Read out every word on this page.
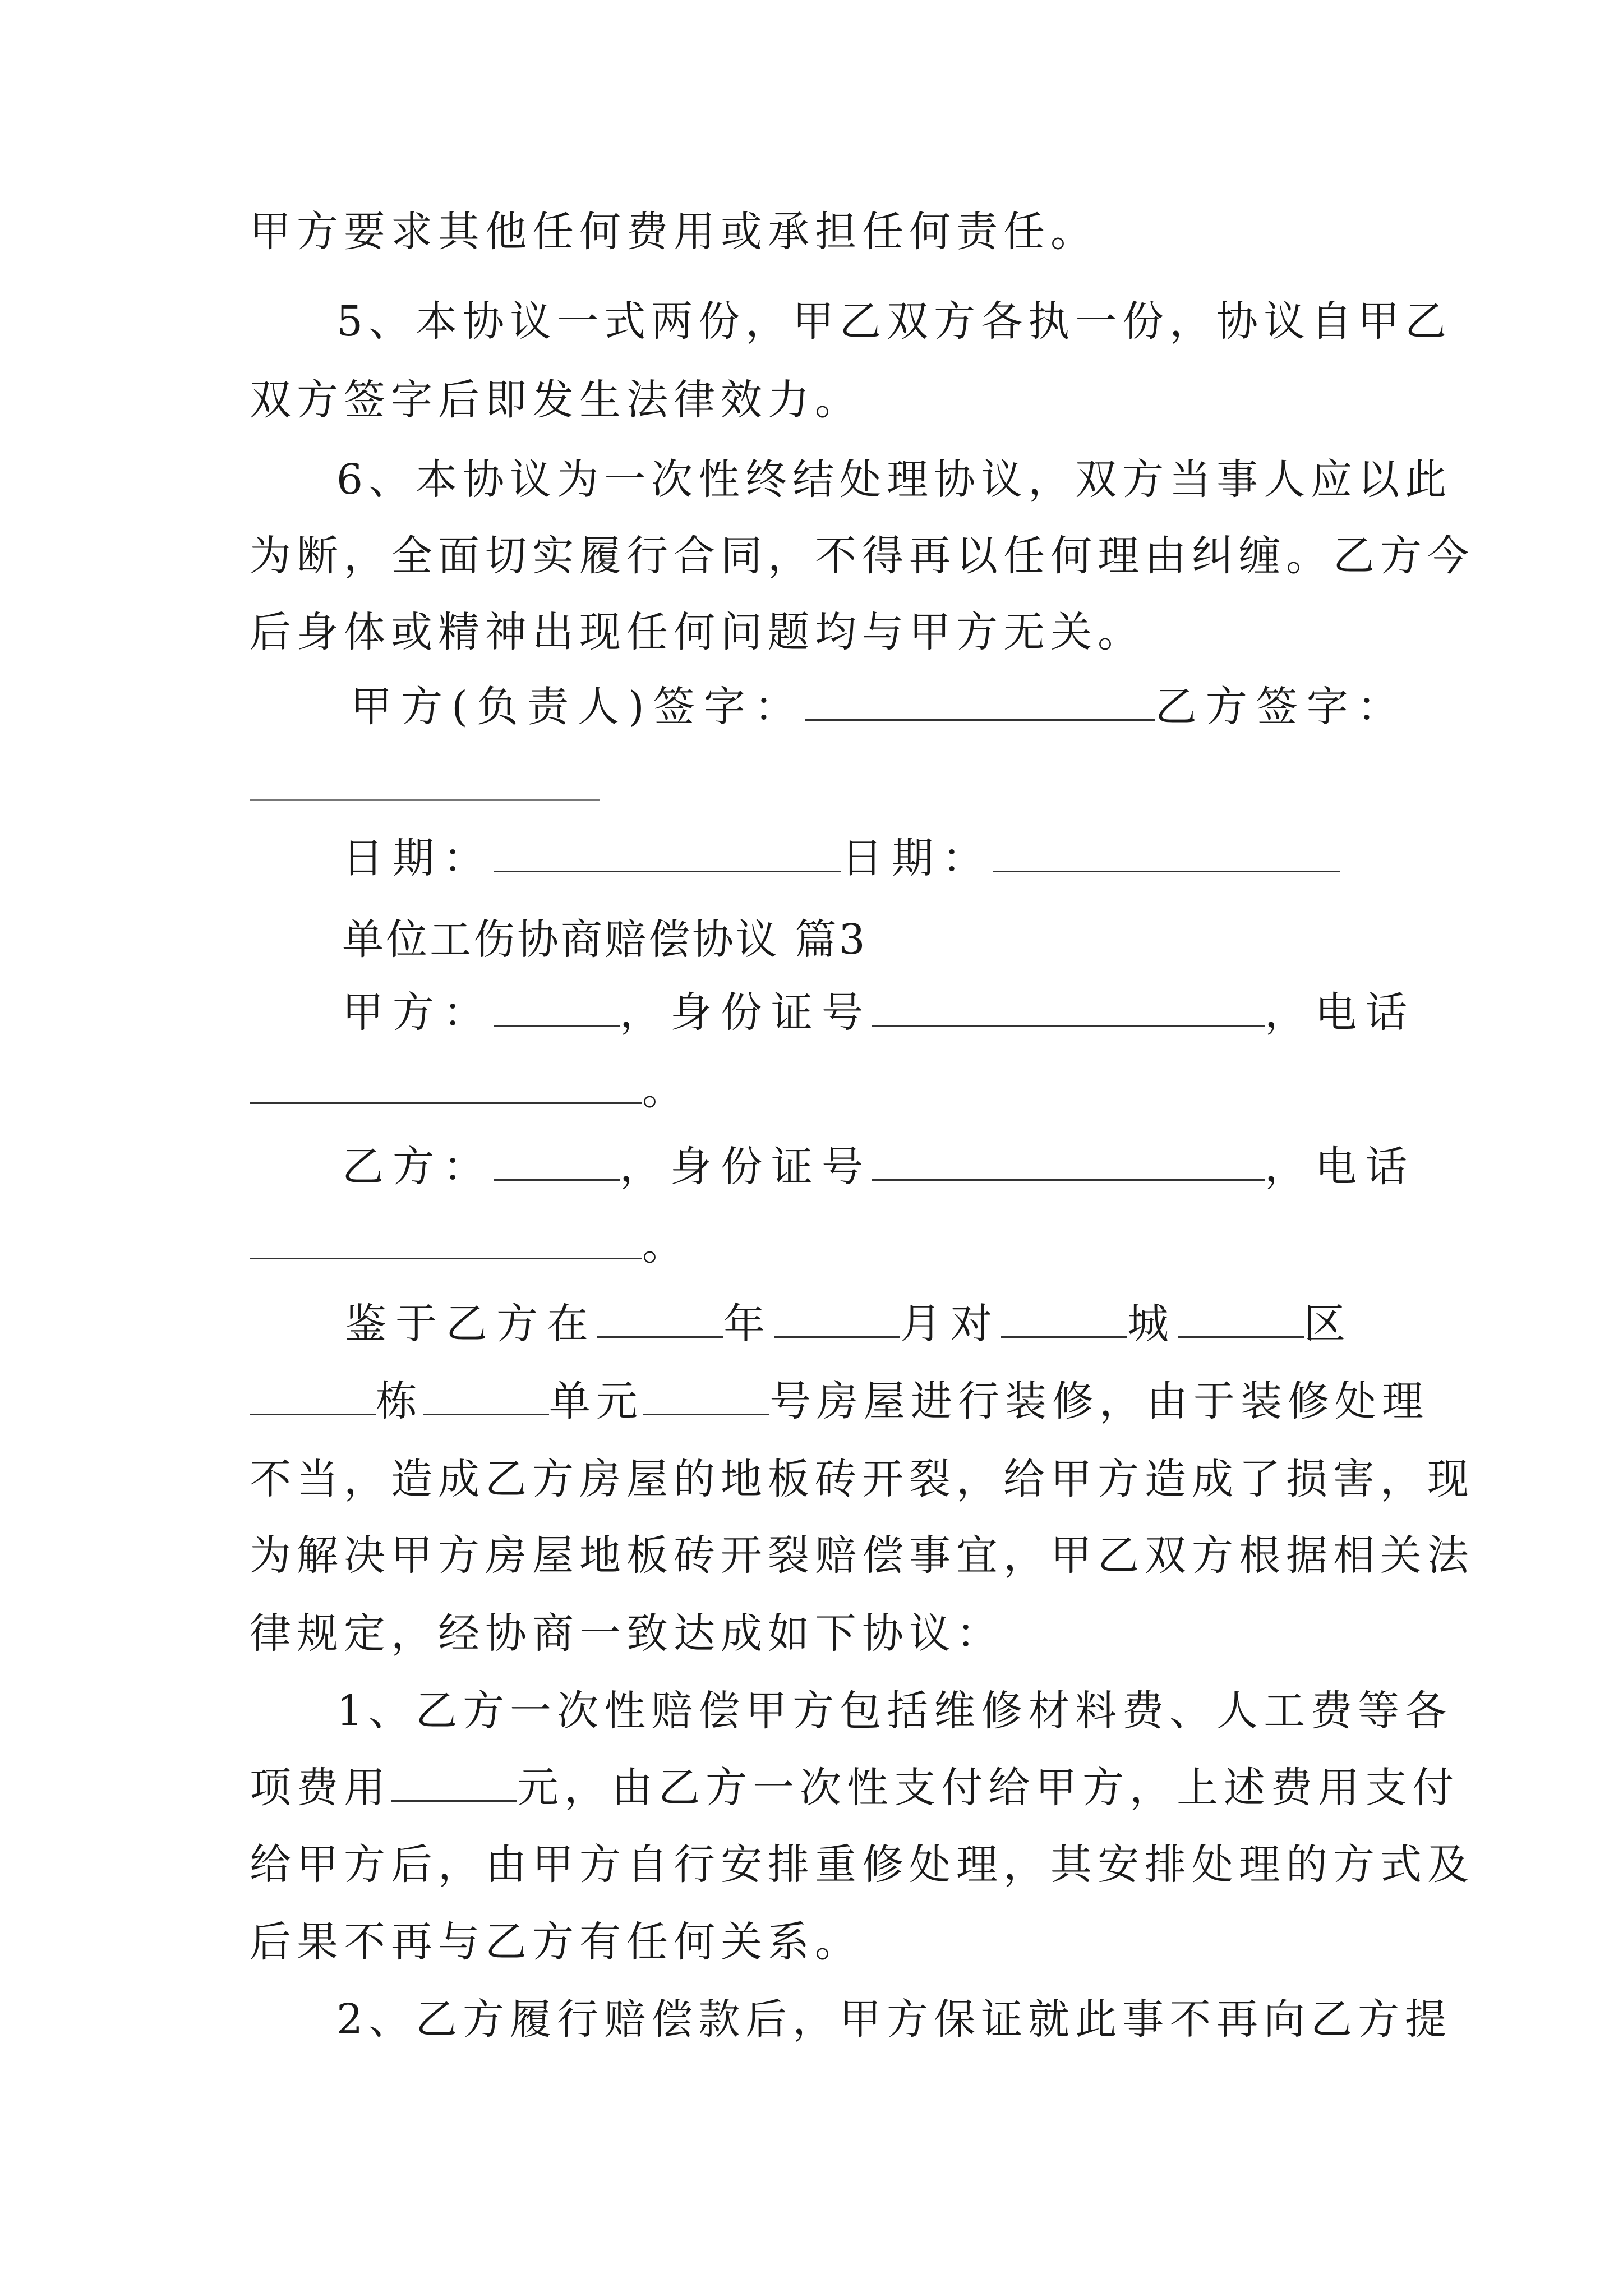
甲方要求其他任何费用或承担任何责任。

5、本协议一式两份，甲乙双方各执一份，协议自甲乙

双方签字后即发生法律效力。

6、本协议为一次性终结处理协议，双方当事人应以此

为断，全面切实履行合同，不得再以任何理由纠缠。乙方今

后身体或精神出现任何问题均与甲方无关。

甲方(负责人)签字：	乙方签字：

日期：	日期：

单位工伤协商赔偿协议 篇3

甲方：	，身份证号	，电话

。

乙方：	，身份证号	，电话

。

鉴于乙方在	年	月对	城	区

栋	单元	号房屋进行装修，由于装修处理

不当，造成乙方房屋的地板砖开裂，给甲方造成了损害，现

为解决甲方房屋地板砖开裂赔偿事宜，甲乙双方根据相关法

律规定，经协商一致达成如下协议：

1、乙方一次性赔偿甲方包括维修材料费、人工费等各

项费用	元，由乙方一次性支付给甲方，上述费用支付

给甲方后，由甲方自行安排重修处理，其安排处理的方式及

后果不再与乙方有任何关系。

2、乙方履行赔偿款后，甲方保证就此事不再向乙方提
